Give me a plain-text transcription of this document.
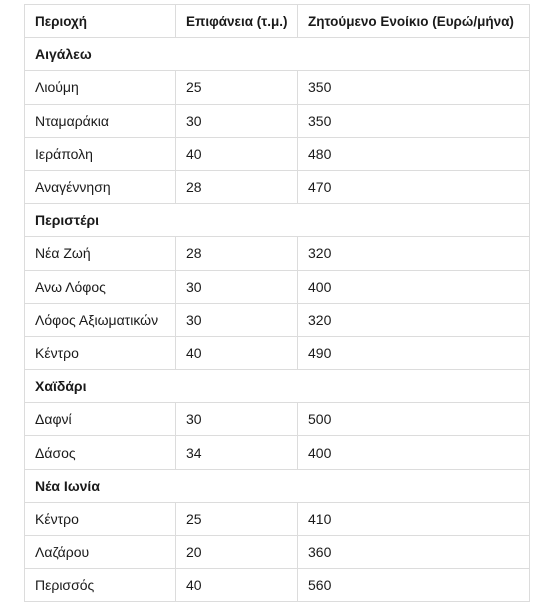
Περιοχή	Επιφάνεια (τ.μ.)	Ζητούμενο Ενοίκιο (Ευρώ/μήνα)
Αιγάλεω		
Λιούμη	25	350
Νταμαράκια	30	350
Ιεράπολη	40	480
Αναγέννηση	28	470
Περιστέρι		
Νέα Ζωή	28	320
Ανω Λόφος	30	400
Λόφος Αξιωματικών	30	320
Κέντρο	40	490
Χαϊδάρι		
Δαφνί	30	500
Δάσος	34	400
Νέα Ιωνία		
Κέντρο	25	410
Λαζάρου	20	360
Περισσός	40	560
